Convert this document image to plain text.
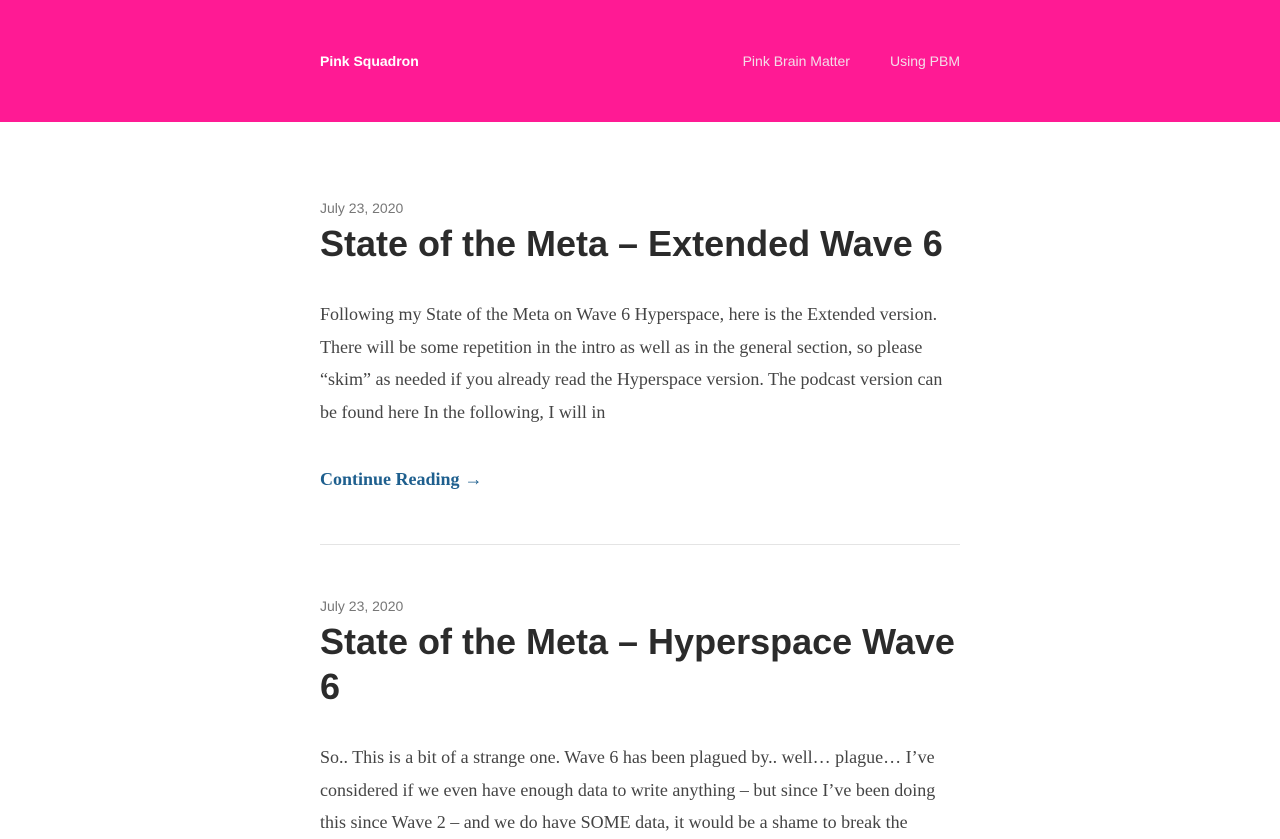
Pink Squadron	Pink Brain Matter	Using PBM
July 23, 2020
State of the Meta – Extended Wave 6

Following my State of the Meta on Wave 6 Hyperspace, here is the Extended version. There will be some repetition in the intro as well as in the general section, so please “skim” as needed if you already read the Hyperspace version. The podcast version can be found here In the following, I will in

Continue Reading →
July 23, 2020
State of the Meta – Hyperspace Wave 6

So.. This is a bit of a strange one. Wave 6 has been plagued by.. well… plague… I’ve considered if we even have enough data to write anything – but since I’ve been doing this since Wave 2 – and we do have SOME data, it would be a shame to break the
